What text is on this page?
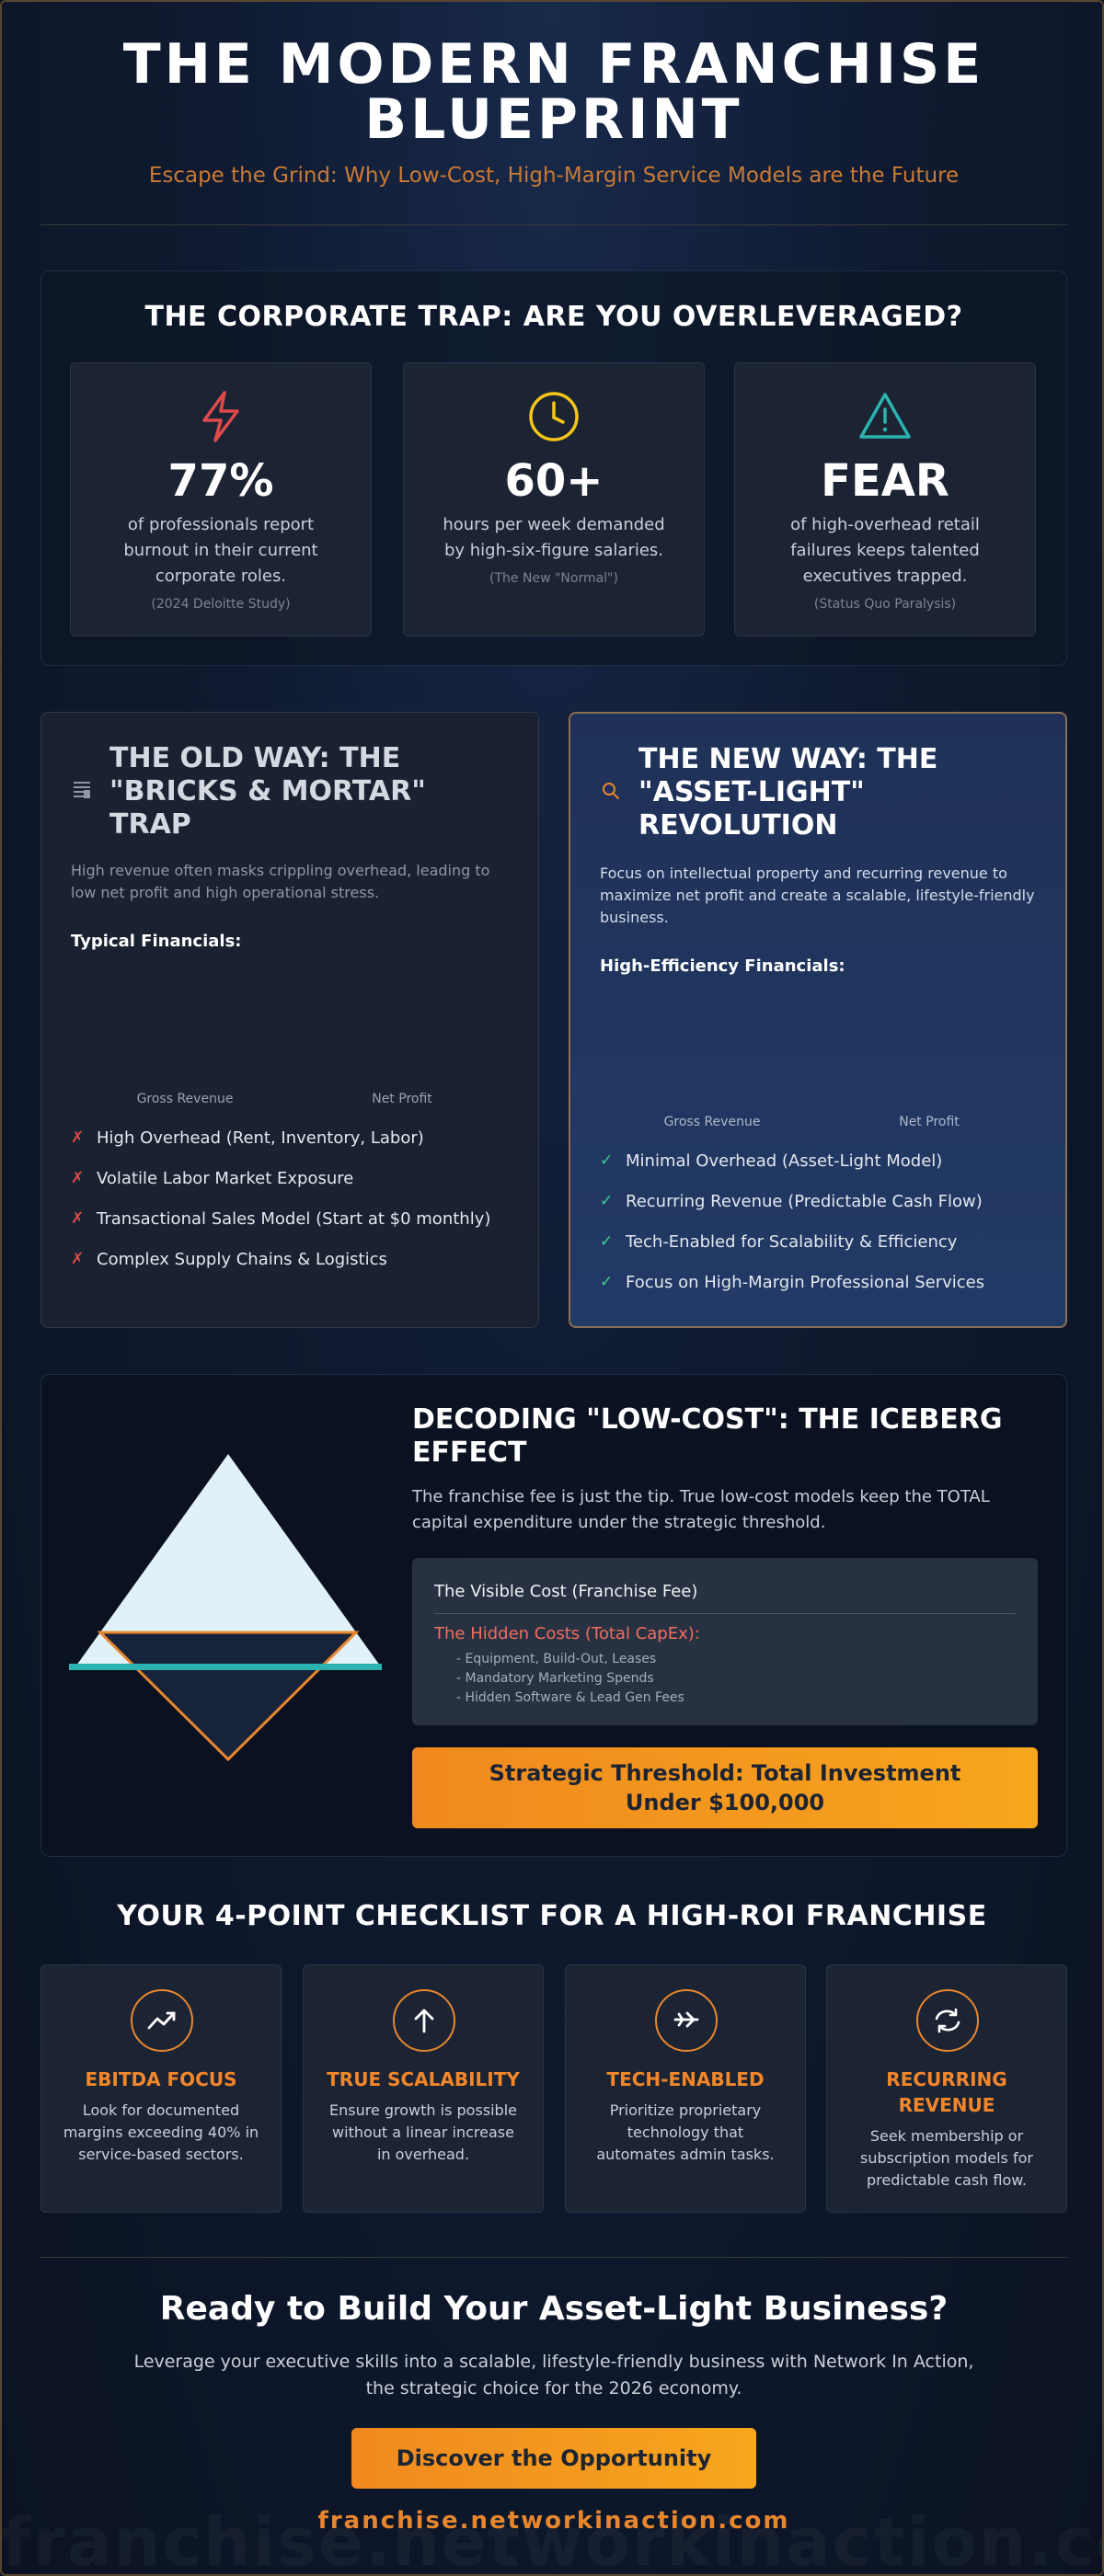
THE MODERN FRANCHISE
BLUEPRINT
Escape the Grind: Why Low-Cost, High-Margin Service Models are the Future
THE CORPORATE TRAP: ARE YOU OVERLEVERAGED?
77%
of professionals report burnout in their current corporate roles.
(2024 Deloitte Study)
60+
hours per week demanded by high-six-figure salaries.
(The New "Normal")
FEAR
of high-overhead retail failures keeps talented executives trapped.
(Status Quo Paralysis)
THE OLD WAY: THE "BRICKS & MORTAR" TRAP
High revenue often masks crippling overhead, leading to low net profit and high operational stress.
Typical Financials:
Gross Revenue	Net Profit
✗ High Overhead (Rent, Inventory, Labor)
✗ Volatile Labor Market Exposure
✗ Transactional Sales Model (Start at $0 monthly)
✗ Complex Supply Chains & Logistics
THE NEW WAY: THE "ASSET-LIGHT" REVOLUTION
Focus on intellectual property and recurring revenue to maximize net profit and create a scalable, lifestyle-friendly business.
High-Efficiency Financials:
Gross Revenue	Net Profit
✓ Minimal Overhead (Asset-Light Model)
✓ Recurring Revenue (Predictable Cash Flow)
✓ Tech-Enabled for Scalability & Efficiency
✓ Focus on High-Margin Professional Services
DECODING "LOW-COST": THE ICEBERG EFFECT
The franchise fee is just the tip. True low-cost models keep the TOTAL capital expenditure under the strategic threshold.
The Visible Cost (Franchise Fee)
The Hidden Costs (Total CapEx):
- Equipment, Build-Out, Leases
- Mandatory Marketing Spends
- Hidden Software & Lead Gen Fees
Strategic Threshold: Total Investment Under $100,000
YOUR 4-POINT CHECKLIST FOR A HIGH-ROI FRANCHISE
EBITDA FOCUS
Look for documented margins exceeding 40% in service-based sectors.
TRUE SCALABILITY
Ensure growth is possible without a linear increase in overhead.
TECH-ENABLED
Prioritize proprietary technology that automates admin tasks.
RECURRING REVENUE
Seek membership or subscription models for predictable cash flow.
Ready to Build Your Asset-Light Business?
Leverage your executive skills into a scalable, lifestyle-friendly business with Network In Action, the strategic choice for the 2026 economy.
Discover the Opportunity
franchise.networkinaction.com
